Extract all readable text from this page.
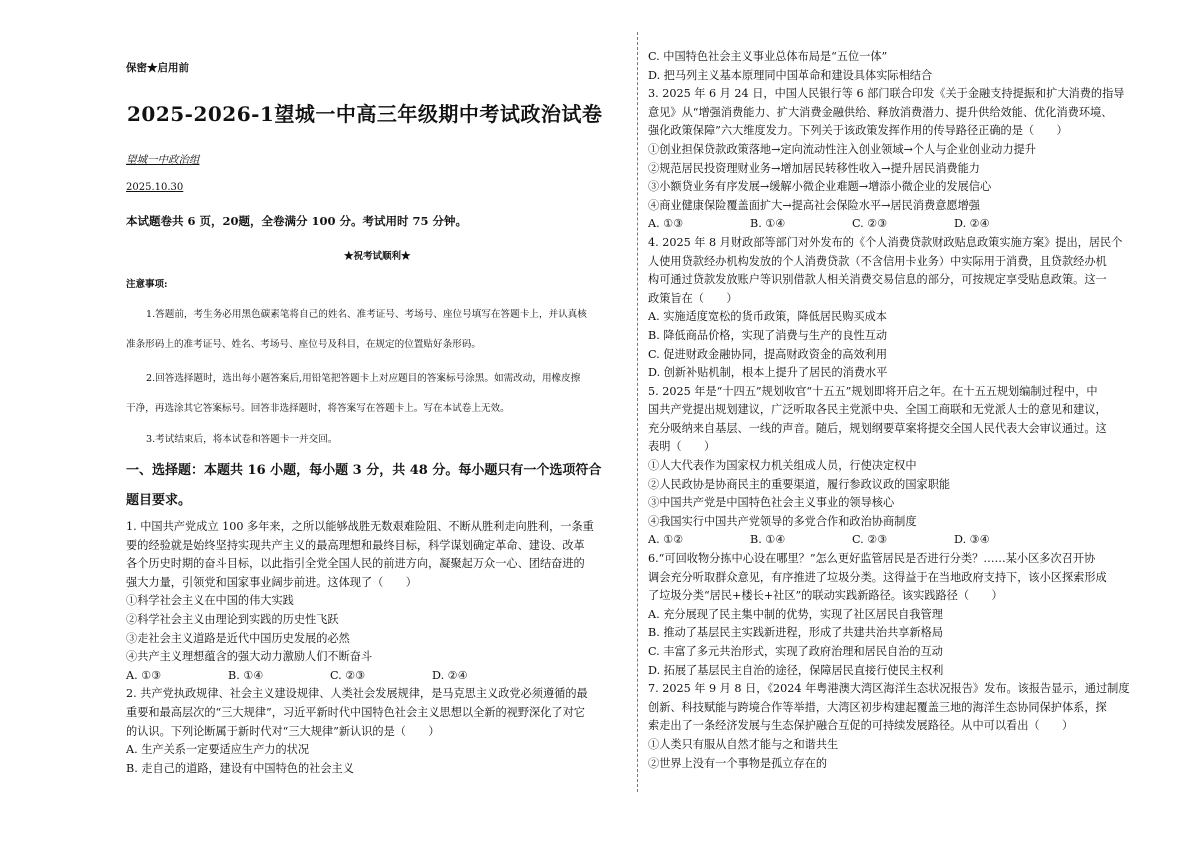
保密★启用前
2025-2026-1望城一中高三年级期中考试政治试卷
望城一中政治组
2025.10.30
本试题卷共 6 页，20题，全卷满分 100 分。考试用时 75 分钟。
★祝考试顺利★
注意事项:
1.答题前，考生务必用黑色碳素笔将自己的姓名、准考证号、考场号、座位号填写在答题卡上，并认真核
准条形码上的准考证号、姓名、考场号、座位号及科目，在规定的位置贴好条形码。
2.回答选择题时，选出每小题答案后,用铅笔把答题卡上对应题目的答案标号涂黑。如需改动，用橡皮擦
干净，再选涂其它答案标号。回答非选择题时，将答案写在答题卡上。写在本试卷上无效。
3.考试结束后，将本试卷和答题卡一并交回。
一、选择题：本题共 16 小题，每小题 3 分，共 48 分。每小题只有一个选项符合
题目要求。
1. 中国共产党成立 100 多年来，之所以能够战胜无数艰难险阻、不断从胜利走向胜利，一条重
要的经验就是始终坚持实现共产主义的最高理想和最终目标，科学谋划确定革命、建设、改革
各个历史时期的奋斗目标，以此指引全党全国人民的前进方向，凝聚起万众一心、团结奋进的
强大力量，引领党和国家事业阔步前进。这体现了（　　）
①科学社会主义在中国的伟大实践
②科学社会主义由理论到实践的历史性飞跃
③走社会主义道路是近代中国历史发展的必然
④共产主义理想蕴含的强大动力激励人们不断奋斗
A. ①③	B. ①④	C. ②③	D. ②④
2. 共产党执政规律、社会主义建设规律、人类社会发展规律，是马克思主义政党必须遵循的最
重要和最高层次的“三大规律”，习近平新时代中国特色社会主义思想以全新的视野深化了对它
的认识。下列论断属于新时代对“三大规律”新认识的是（　　）
A. 生产关系一定要适应生产力的状况
B. 走自己的道路，建设有中国特色的社会主义
C. 中国特色社会主义事业总体布局是“五位一体”
D. 把马列主义基本原理同中国革命和建设具体实际相结合
3. 2025 年 6 月 24 日，中国人民银行等 6 部门联合印发《关于金融支持提振和扩大消费的指导
意见》从“增强消费能力、扩大消费金融供给、释放消费潜力、提升供给效能、优化消费环境、
强化政策保障”六大维度发力。下列关于该政策发挥作用的传导路径正确的是（　　）
①创业担保贷款政策落地→定向流动性注入创业领域→个人与企业创业动力提升
②规范居民投资理财业务→增加居民转移性收入→提升居民消费能力
③小额贷业务有序发展→缓解小微企业难题→增添小微企业的发展信心
④商业健康保险覆盖面扩大→提高社会保险水平→居民消费意愿增强
A. ①③	B. ①④	C. ②③	D. ②④
4. 2025 年 8 月财政部等部门对外发布的《个人消费贷款财政贴息政策实施方案》提出，居民个
人使用贷款经办机构发放的个人消费贷款（不含信用卡业务）中实际用于消费，且贷款经办机
构可通过贷款发放账户等识别借款人相关消费交易信息的部分，可按规定享受贴息政策。这一
政策旨在（　　）
A. 实施适度宽松的货币政策，降低居民购买成本
B. 降低商品价格，实现了消费与生产的良性互动
C. 促进财政金融协同，提高财政资金的高效利用
D. 创新补贴机制，根本上提升了居民的消费水平
5. 2025 年是“十四五”规划收官“十五五”规划即将开启之年。在十五五规划编制过程中，中
国共产党提出规划建议，广泛听取各民主党派中央、全国工商联和无党派人士的意见和建议，
充分吸纳来自基层、一线的声音。随后，规划纲要草案将提交全国人民代表大会审议通过。这
表明（　　）
①人大代表作为国家权力机关组成人员，行使决定权中
②人民政协是协商民主的重要渠道，履行参政议政的国家职能
③中国共产党是中国特色社会主义事业的领导核心
④我国实行中国共产党领导的多党合作和政治协商制度
A. ①②	B. ①④	C. ②③	D. ③④
6.“可回收物分拣中心设在哪里？”怎么更好监管居民是否进行分类？……某小区多次召开协
调会充分听取群众意见，有序推进了垃圾分类。这得益于在当地政府支持下，该小区探索形成
了垃圾分类“居民+楼长+社区”的联动实践新路径。该实践路径（　　）
A. 充分展现了民主集中制的优势，实现了社区居民自我管理
B. 推动了基层民主实践新进程，形成了共建共治共享新格局
C. 丰富了多元共治形式，实现了政府治理和居民自治的互动
D. 拓展了基层民主自治的途径，保障居民直接行使民主权利
7. 2025 年 9 月 8 日，《2024 年粤港澳大湾区海洋生态状况报告》发布。该报告显示，通过制度
创新、科技赋能与跨境合作等举措，大湾区初步构建起覆盖三地的海洋生态协同保护体系，探
索走出了一条经济发展与生态保护融合互促的可持续发展路径。从中可以看出（　　）
①人类只有服从自然才能与之和谐共生
②世界上没有一个事物是孤立存在的
